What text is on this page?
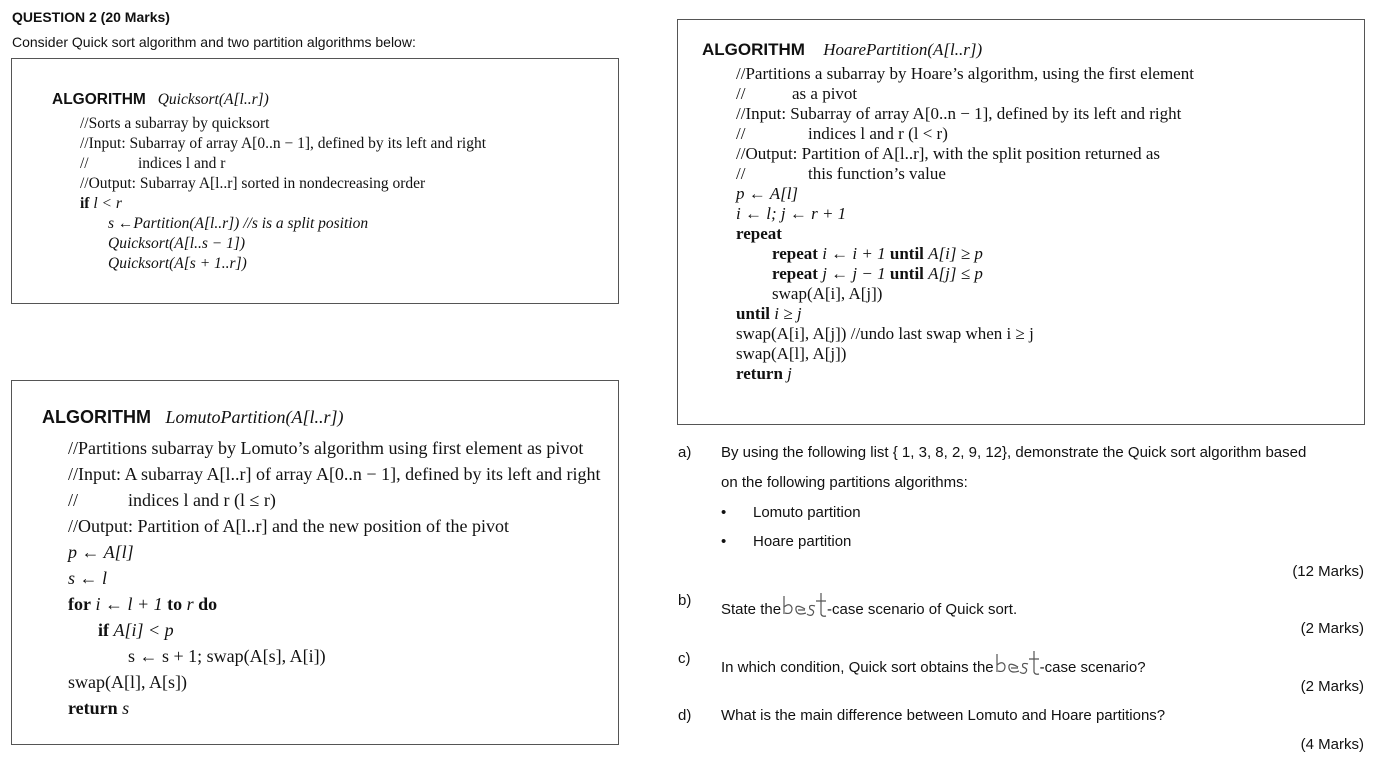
QUESTION 2 (20 Marks)
Consider Quick sort algorithm and two partition algorithms below:
ALGORITHM Quicksort(A[l..r])
//Sorts a subarray by quicksort
//Input: Subarray of array A[0..n − 1], defined by its left and right
//	indices l and r
//Output: Subarray A[l..r] sorted in nondecreasing order
if l < r
s ←Partition(A[l..r]) //s is a split position
Quicksort(A[l..s − 1])
Quicksort(A[s + 1..r])
ALGORITHM LomutoPartition(A[l..r])
//Partitions subarray by Lomuto’s algorithm using first element as pivot
//Input: A subarray A[l..r] of array A[0..n − 1], defined by its left and right
//	indices l and r (l ≤ r)
//Output: Partition of A[l..r] and the new position of the pivot
p ← A[l]
s ← l
for i ← l + 1 to r do
if A[i] < p
s ← s + 1; swap(A[s], A[i])
swap(A[l], A[s])
return s
ALGORITHM HoarePartition(A[l..r])
//Partitions a subarray by Hoare’s algorithm, using the first element
//	as a pivot
//Input: Subarray of array A[0..n − 1], defined by its left and right
//	indices l and r (l < r)
//Output: Partition of A[l..r], with the split position returned as
//	this function’s value
p ← A[l]
i ← l; j ← r + 1
repeat
repeat i ← i + 1 until A[i] ≥ p
repeat j ← j − 1 until A[j] ≤ p
swap(A[i], A[j])
until i ≥ j
swap(A[i], A[j]) //undo last swap when i ≥ j
swap(A[l], A[j])
return j
a) By using the following list { 1, 3, 8, 2, 9, 12}, demonstrate the Quick sort algorithm based
on the following partitions algorithms:
• Lomuto partition
• Hoare partition
(12 Marks)
b)
State the	-case scenario of Quick sort.
(2 Marks)
c)
In which condition, Quick sort obtains the	-case scenario?
(2 Marks)
d) What is the main difference between Lomuto and Hoare partitions?
(4 Marks)
